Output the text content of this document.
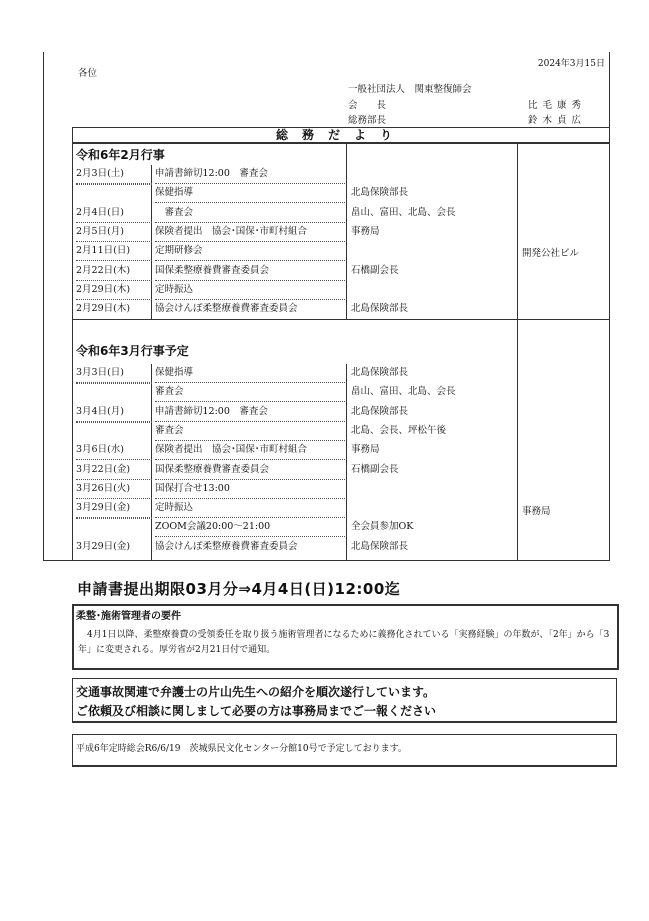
2024年3月15日
各位
一般社団法人　関東整復師会
会　　長	比 毛 康 秀
総務部長	鈴 木 貞 広
総務だより
令和6年2月行事
開発公社ビル
2月3日(土)	申請書締切12:00　審査会
保健指導	北島保険部長
2月4日(日)	　審査会	畠山、富田、北島、会長
2月5日(月)	保険者提出　協会･国保･市町村組合	事務局
2月11日(日)	定期研修会
2月22日(木)	国保柔整療養費審査委員会	石橋副会長
2月29日(木)	定時振込
2月29日(木)	協会けんぽ柔整療養費審査委員会	北島保険部長
令和6年3月行事予定
事務局
3月3日(日)	保健指導	北島保険部長
審査会	畠山、富田、北島、会長
3月4日(月)	申請書締切12:00　審査会	北島保険部長
審査会	北島、会長、坪松午後
3月6日(水)	保険者提出　協会･国保･市町村組合	事務局
3月22日(金)	国保柔整療養費審査委員会	石橋副会長
3月26日(火)	国保打合せ13:00
3月29日(金)	定時振込
ZOOM会議20:00～21:00	全会員参加OK
3月29日(金)	協会けんぽ柔整療養費審査委員会	北島保険部長
申請書提出期限03月分⇒4月4日(日)12:00迄
柔整･施術管理者の要件
4月1日以降、柔整療養費の受領委任を取り扱う施術管理者になるために義務化されている「実務経験」の年数が、「2年」から「3年」に変更される。厚労省が2月21日付で通知。
交通事故関連で弁護士の片山先生への紹介を順次遂行しています。
ご依頼及び相談に関しまして必要の方は事務局までご一報ください
平成6年定時総会R6/6/19　茨城県民文化センター分館10号で予定しております。
